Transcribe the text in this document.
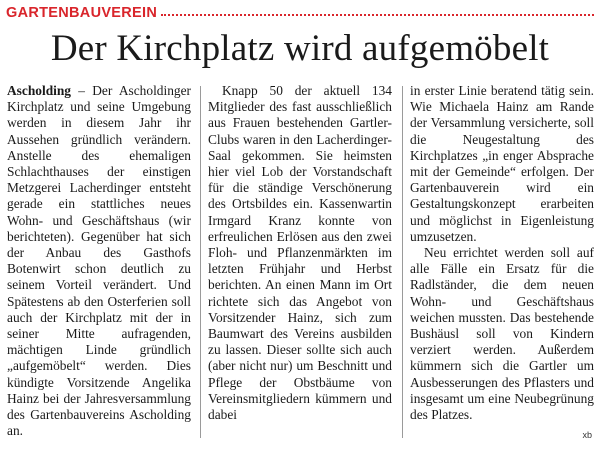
GARTENBAUVEREIN
Der Kirchplatz wird aufgemöbelt

Ascholding – Der Ascholdinger Kirchplatz und seine Umgebung werden in diesem Jahr ihr Aussehen gründlich verändern. Anstelle des ehemaligen Schlachthauses der einstigen Metzgerei Lacherdinger entsteht gerade ein stattliches neues Wohn- und Geschäftshaus (wir berichteten). Gegenüber hat sich der Anbau des Gasthofs Botenwirt schon deutlich zu seinem Vorteil verändert. Und Spätestens ab den Osterferien soll auch der Kirchplatz mit der in seiner Mitte aufragenden, mächtigen Linde gründlich „aufgemöbelt“ werden. Dies kündigte Vorsitzende Angelika Hainz bei der Jahresversammlung des Gartenbauvereins Ascholding an.

Knapp 50 der aktuell 134 Mitglieder des fast ausschließlich aus Frauen bestehenden Gartler-Clubs waren in den Lacherdinger-Saal gekommen. Sie heimsten hier viel Lob der Vorstandschaft für die ständige Verschönerung des Ortsbildes ein. Kassenwartin Irmgard Kranz konnte von erfreulichen Erlösen aus den zwei Floh- und Pflanzenmärkten im letzten Frühjahr und Herbst berichten. An einen Mann im Ort richtete sich das Angebot von Vorsitzender Hainz, sich zum Baumwart des Vereins ausbilden zu lassen. Dieser sollte sich auch (aber nicht nur) um Beschnitt und Pflege der Obstbäume von Vereinsmitgliedern kümmern und dabei

in erster Linie beratend tätig sein. Wie Michaela Hainz am Rande der Versammlung versicherte, soll die Neugestaltung des Kirchplatzes „in enger Absprache mit der Gemeinde“ erfolgen. Der Gartenbauverein wird ein Gestaltungskonzept erarbeiten und möglichst in Eigenleistung umzusetzen.

Neu errichtet werden soll auf alle Fälle ein Ersatz für die Radlständer, die dem neuen Wohn- und Geschäftshaus weichen mussten. Das bestehende Bushäusl soll von Kindern verziert werden. Außerdem kümmern sich die Gartler um Ausbesserungen des Pflasters und insgesamt um eine Neubegrünung des Platzes.

xb
